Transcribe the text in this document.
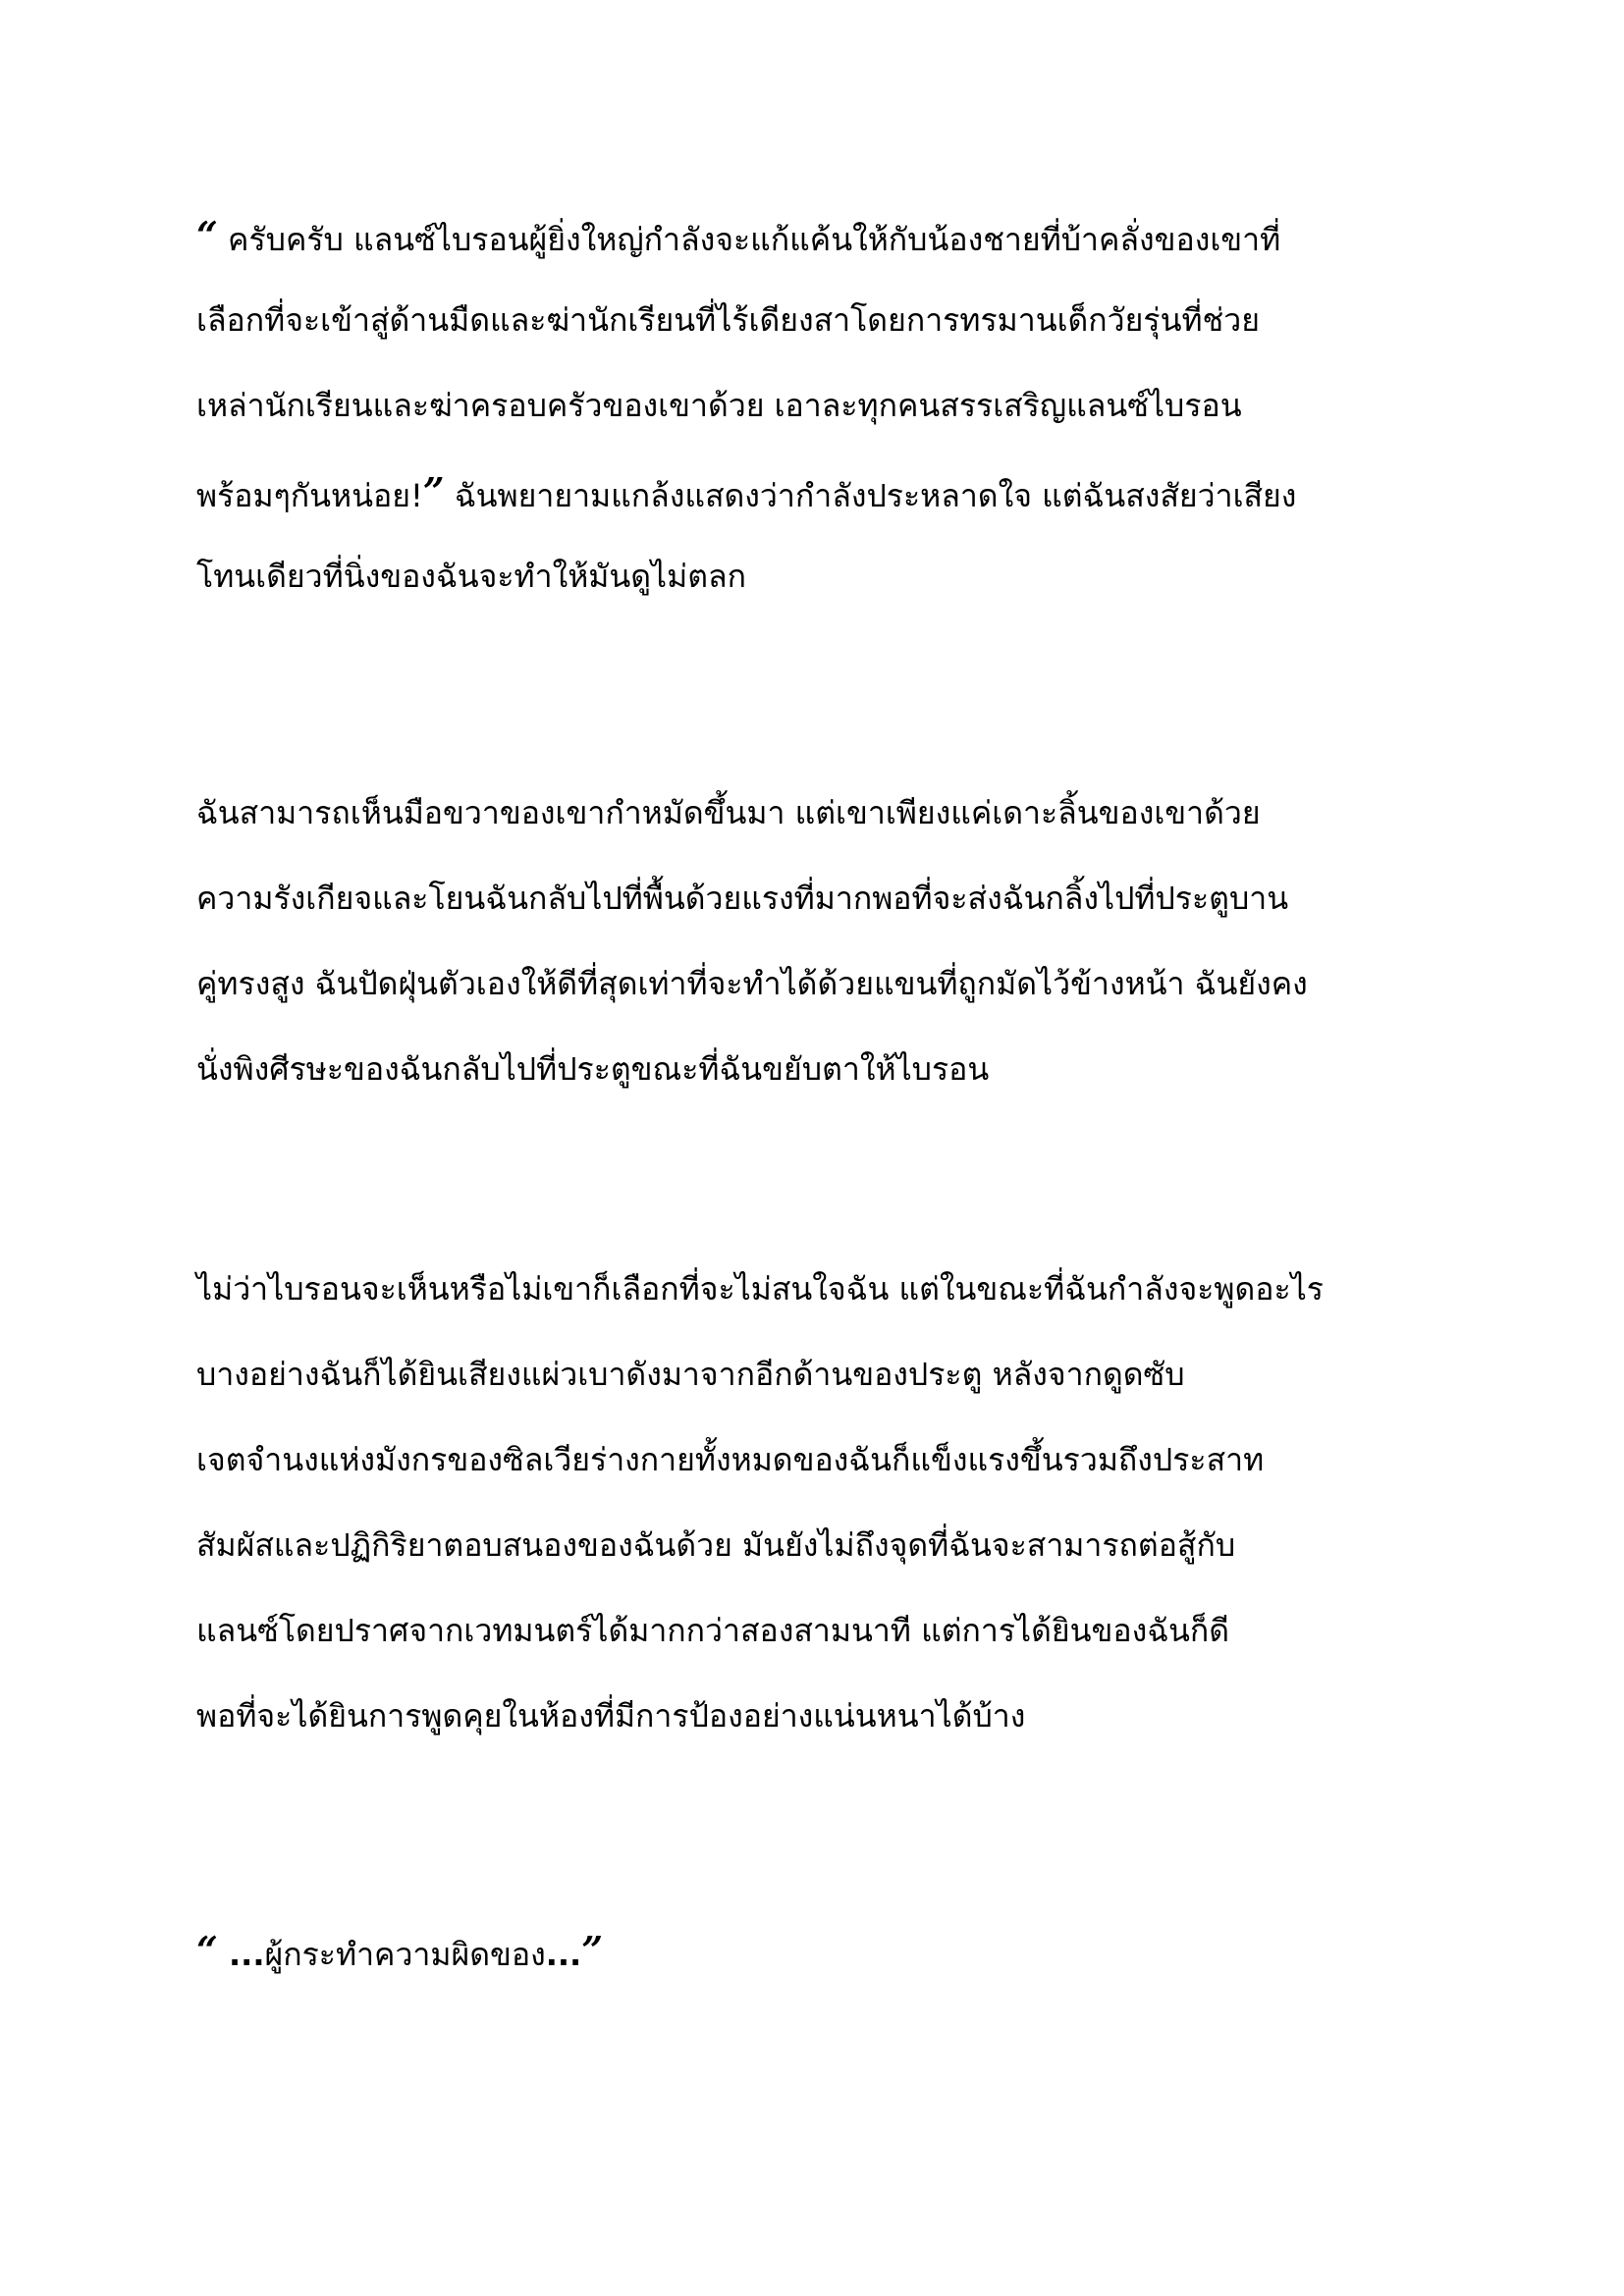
“ ครับครับ แลนซ์ไบรอนผู้ยิ่งใหญ่กำลังจะแก้แค้นให้กับน้องชายที่บ้าคลั่งของเขาที่
เลือกที่จะเข้าสู่ด้านมืดและฆ่านักเรียนที่ไร้เดียงสาโดยการทรมานเด็กวัยรุ่นที่ช่วย
เหล่านักเรียนและฆ่าครอบครัวของเขาด้วย เอาละทุกคนสรรเสริญแลนซ์ไบรอน
พร้อมๆกันหน่อย!” ฉันพยายามแกล้งแสดงว่ากำลังประหลาดใจ แต่ฉันสงสัยว่าเสียง
โทนเดียวที่นิ่งของฉันจะทำให้มันดูไม่ตลก
ฉันสามารถเห็นมือขวาของเขากำหมัดขึ้นมา แต่เขาเพียงแค่เดาะลิ้นของเขาด้วย
ความรังเกียจและโยนฉันกลับไปที่พื้นด้วยแรงที่มากพอที่จะส่งฉันกลิ้งไปที่ประตูบาน
คู่ทรงสูง ฉันปัดฝุ่นตัวเองให้ดีที่สุดเท่าที่จะทำได้ด้วยแขนที่ถูกมัดไว้ข้างหน้า ฉันยังคง
นั่งพิงศีรษะของฉันกลับไปที่ประตูขณะที่ฉันขยับตาให้ไบรอน
ไม่ว่าไบรอนจะเห็นหรือไม่เขาก็เลือกที่จะไม่สนใจฉัน แต่ในขณะที่ฉันกำลังจะพูดอะไร
บางอย่างฉันก็ได้ยินเสียงแผ่วเบาดังมาจากอีกด้านของประตู หลังจากดูดซับ
เจตจำนงแห่งมังกรของซิลเวียร่างกายทั้งหมดของฉันก็แข็งแรงขึ้นรวมถึงประสาท
สัมผัสและปฏิกิริยาตอบสนองของฉันด้วย มันยังไม่ถึงจุดที่ฉันจะสามารถต่อสู้กับ
แลนซ์โดยปราศจากเวทมนตร์ได้มากกว่าสองสามนาที แต่การได้ยินของฉันก็ดี
พอที่จะได้ยินการพูดคุยในห้องที่มีการป้องอย่างแน่นหนาได้บ้าง
“ ...ผู้กระทำความผิดของ...”
